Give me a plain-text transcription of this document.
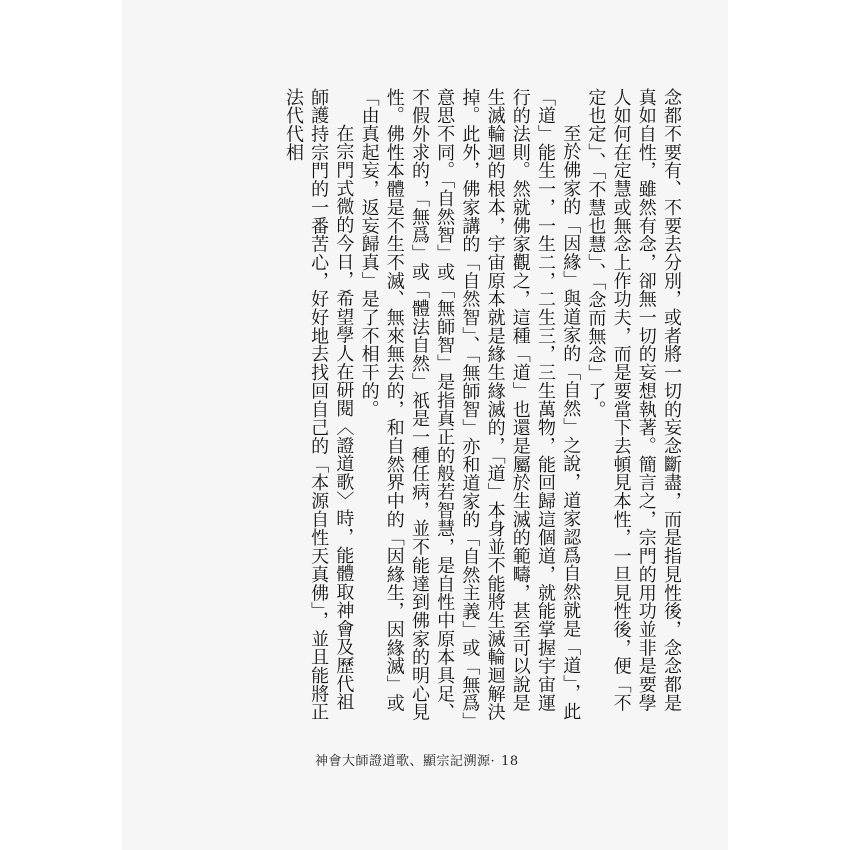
念都不要有、不要去分別，或者將一切的妄念斷盡，而是指見性後，念念都是真如自性，雖然有念，卻無一切的妄想執著。簡言之，宗門的用功並非是要學人如何在定慧或無念上作功夫，而是要當下去頓見本性，一旦見性後，便「不定也定」、「不慧也慧」、「念而無念」了。

至於佛家的「因緣」與道家的「自然」之說，道家認爲自然就是「道」，此「道」能生一，一生二，二生三，三生萬物，能回歸這個道，就能掌握宇宙運行的法則。然就佛家觀之，這種「道」也還是屬於生滅的範疇，甚至可以說是生滅輪迴的根本，宇宙原本就是緣生緣滅的，「道」本身並不能將生滅輪迴解決掉。此外，佛家講的「自然智」、「無師智」亦和道家的「自然主義」或「無爲」意思不同。「自然智」或「無師智」是指真正的般若智慧，是自性中原本具足、不假外求的，「無爲」或「體法自然」祇是一種任病，並不能達到佛家的明心見性。佛性本體是不生不滅、無來無去的，和自然界中的「因緣生，因緣滅」或「由真起妄，返妄歸真」是了不相干的。

在宗門式微的今日，希望學人在研閱〈證道歌〉時，能體取神會及歷代祖師護持宗門的一番苦心，好好地去找回自己的「本源自性天真佛」，並且能將正法代代相

神會大師證道歌、顯宗記溯源· 18
